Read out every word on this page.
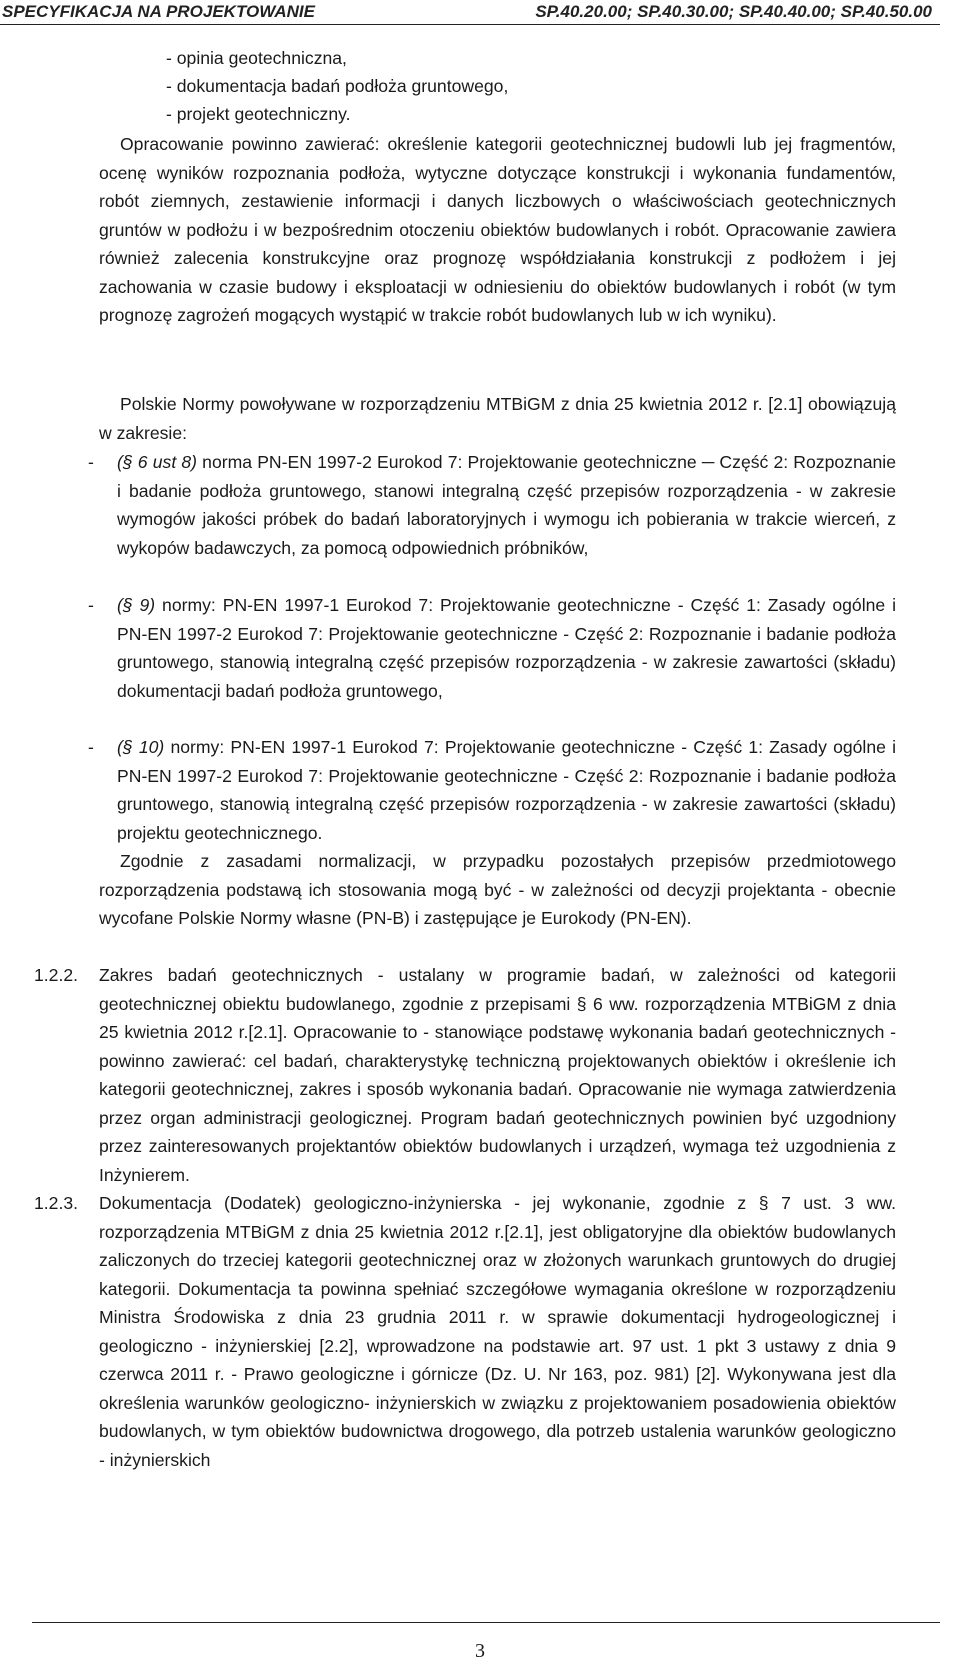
SPECYFIKACJA NA PROJEKTOWANIE	SP.40.20.00; SP.40.30.00; SP.40.40.00; SP.40.50.00
- opinia geotechniczna,
- dokumentacja badań podłoża gruntowego,
- projekt geotechniczny.
Opracowanie powinno zawierać: określenie kategorii geotechnicznej budowli lub jej fragmentów, ocenę wyników rozpoznania podłoża, wytyczne dotyczące konstrukcji i wykonania fundamentów, robót ziemnych, zestawienie informacji i danych liczbowych o właściwościach geotechnicznych gruntów w podłożu i w bezpośrednim otoczeniu obiektów budowlanych i robót. Opracowanie zawiera również zalecenia konstrukcyjne oraz prognozę współdziałania konstrukcji z podłożem i jej zachowania w czasie budowy i eksploatacji w odniesieniu do obiektów budowlanych i robót (w tym prognozę zagrożeń mogących wystąpić w trakcie robót budowlanych lub w ich wyniku).
Polskie Normy powoływane w rozporządzeniu MTBiGM z dnia 25 kwietnia 2012 r. [2.1] obowiązują w zakresie:
- (§ 6 ust 8) norma PN-EN 1997-2 Eurokod 7: Projektowanie geotechniczne ─ Część 2: Rozpoznanie i badanie podłoża gruntowego, stanowi integralną część przepisów rozporządzenia - w zakresie wymogów jakości próbek do badań laboratoryjnych i wymogu ich pobierania w trakcie wierceń, z wykopów badawczych, za pomocą odpowiednich próbników,
- (§ 9) normy: PN-EN 1997-1 Eurokod 7: Projektowanie geotechniczne - Część 1: Zasady ogólne i PN-EN 1997-2 Eurokod 7: Projektowanie geotechniczne - Część 2: Rozpoznanie i badanie podłoża gruntowego, stanowią integralną część przepisów rozporządzenia - w zakresie zawartości (składu) dokumentacji badań podłoża gruntowego,
- (§ 10) normy: PN-EN 1997-1 Eurokod 7: Projektowanie geotechniczne - Część 1: Zasady ogólne i PN-EN 1997-2 Eurokod 7: Projektowanie geotechniczne - Część 2: Rozpoznanie i badanie podłoża gruntowego, stanowią integralną część przepisów rozporządzenia - w zakresie zawartości (składu) projektu geotechnicznego.
Zgodnie z zasadami normalizacji, w przypadku pozostałych przepisów przedmiotowego rozporządzenia podstawą ich stosowania mogą być - w zależności od decyzji projektanta - obecnie wycofane Polskie Normy własne (PN-B) i zastępujące je Eurokody (PN-EN).
1.2.2. Zakres badań geotechnicznych - ustalany w programie badań, w zależności od kategorii geotechnicznej obiektu budowlanego, zgodnie z przepisami § 6 ww. rozporządzenia MTBiGM z dnia 25 kwietnia 2012 r.[2.1]. Opracowanie to - stanowiące podstawę wykonania badań geotechnicznych - powinno zawierać: cel badań, charakterystykę techniczną projektowanych obiektów i określenie ich kategorii geotechnicznej, zakres i sposób wykonania badań. Opracowanie nie wymaga zatwierdzenia przez organ administracji geologicznej. Program badań geotechnicznych powinien być uzgodniony przez zainteresowanych projektantów obiektów budowlanych i urządzeń, wymaga też uzgodnienia z Inżynierem.
1.2.3. Dokumentacja (Dodatek) geologiczno-inżynierska - jej wykonanie, zgodnie z § 7 ust. 3 ww. rozporządzenia MTBiGM z dnia 25 kwietnia 2012 r.[2.1], jest obligatoryjne dla obiektów budowlanych zaliczonych do trzeciej kategorii geotechnicznej oraz w złożonych warunkach gruntowych do drugiej kategorii. Dokumentacja ta powinna spełniać szczegółowe wymagania określone w rozporządzeniu Ministra Środowiska z dnia 23 grudnia 2011 r. w sprawie dokumentacji hydrogeologicznej i geologiczno - inżynierskiej [2.2], wprowadzone na podstawie art. 97 ust. 1 pkt 3 ustawy z dnia 9 czerwca 2011 r. - Prawo geologiczne i górnicze (Dz. U. Nr 163, poz. 981) [2]. Wykonywana jest dla określenia warunków geologiczno- inżynierskich w związku z projektowaniem posadowienia obiektów budowlanych, w tym obiektów budownictwa drogowego, dla potrzeb ustalenia warunków geologiczno - inżynierskich
3
